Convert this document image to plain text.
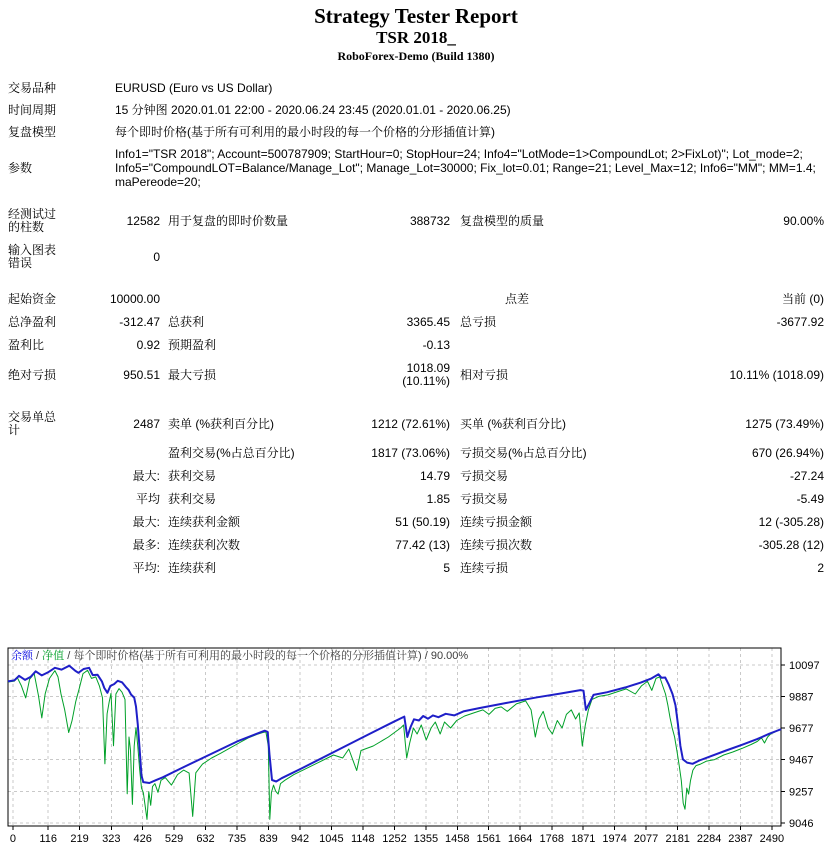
Strategy Tester Report
TSR 2018_
RoboForex-Demo (Build 1380)
交易品种	EURUSD (Euro vs US Dollar)
时间周期	15 分钟图 2020.01.01 22:00 - 2020.06.24 23:45 (2020.01.01 - 2020.06.25)
复盘模型	每个即时价格(基于所有可利用的最小时段的每一个价格的分形插值计算)
参数	Info1="TSR 2018"; Account=500787909; StartHour=0; StopHour=24; Info4="LotMode=1>CompoundLot; 2>FixLot)"; Lot_mode=2; Info5="CompoundLOT=Balance/Manage_Lot"; Manage_Lot=30000; Fix_lot=0.01; Range=21; Level_Max=12; Info6="MM"; MM=1.4; maPereode=20;
经测试过的柱数	12582	用于复盘的即时价数量	388732	复盘模型的质量	90.00%
输入图表错误	0				
起始资金	10000.00			点差	当前 (0)
总净盈利	-312.47	总获利	3365.45	总亏损	-3677.92
盈利比	0.92	预期盈利	-0.13		
绝对亏损	950.51	最大亏损	1018.09 (10.11%)	相对亏损	10.11% (1018.09)
交易单总计	2487	卖单 (%获利百分比)	1212 (72.61%)	买单 (%获利百分比)	1275 (73.49%)
		盈利交易(%占总百分比)	1817 (73.06%)	亏损交易(%占总百分比)	670 (26.94%)
	最大:	获利交易	14.79	亏损交易	-27.24
	平均	获利交易	1.85	亏损交易	-5.49
	最大:	连续获利金额	51 (50.19)	连续亏损金额	12 (-305.28)
	最多:	连续获利次数	77.42 (13)	连续亏损次数	-305.28 (12)
	平均:	连续获利	5	连续亏损	2
10097
9887
9677
9467
9257
9046
0 116 219 323 426 529 632 735 839 942 1045 1148 1252 1355 1458 1561 1664 1768 1871 1974 2077 2181 2284 2387 2490
余额 / 净值 / 每个即时价格(基于所有可利用的最小时段的每一个价格的分形插值计算) / 90.00%
